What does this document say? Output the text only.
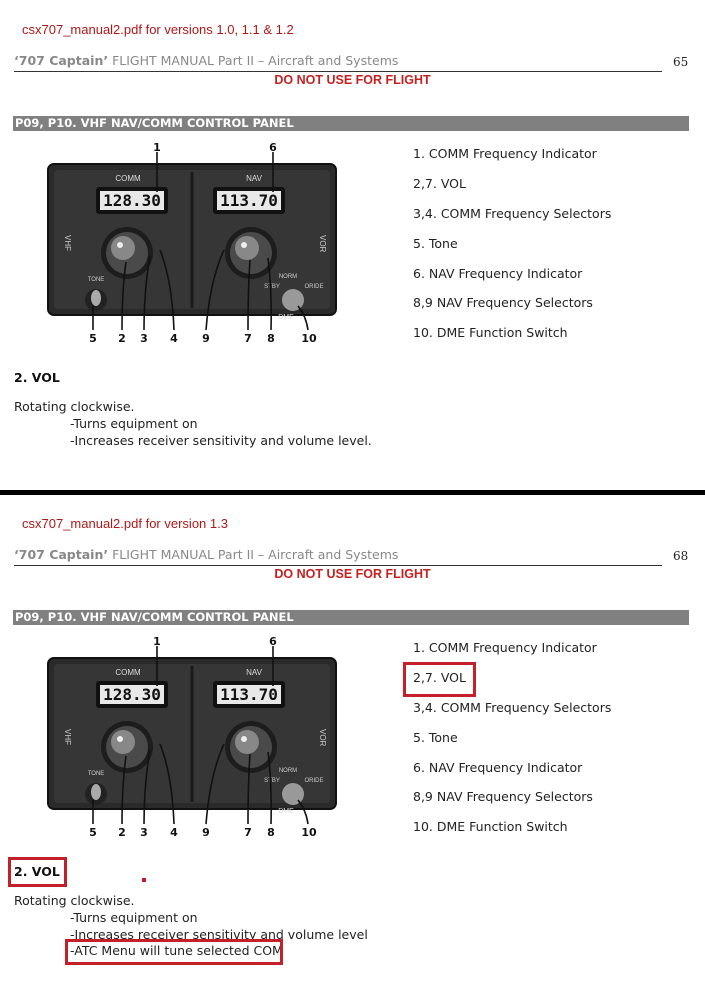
csx707_manual2.pdf for versions 1.0, 1.1 & 1.2
‘707 Captain’ FLIGHT MANUAL Part II – Aircraft and Systems	65
DO NOT USE FOR FLIGHT
P09, P10. VHF NAV/COMM CONTROL PANEL
COMM	NAV
128.30	113.70
VHF	VOR
TONE	NORM
STBY	ORIDE
DME
1	6
5 2 3 4 9	7 8 10
1. COMM Frequency Indicator
2,7. VOL
3,4. COMM Frequency Selectors
5. Tone
6. NAV Frequency Indicator
8,9 NAV Frequency Selectors
10. DME Function Switch
2. VOL
Rotating clockwise.
-Turns equipment on
-Increases receiver sensitivity and volume level.
csx707_manual2.pdf for version 1.3
‘707 Captain’ FLIGHT MANUAL Part II – Aircraft and Systems	68
DO NOT USE FOR FLIGHT
P09, P10. VHF NAV/COMM CONTROL PANEL
COMM	NAV
128.30	113.70
VHF	VOR
TONE	NORM
STBY	ORIDE
DME
1	6
5 2 3 4 9	7 8 10
1. COMM Frequency Indicator
2,7. VOL
3,4. COMM Frequency Selectors
5. Tone
6. NAV Frequency Indicator
8,9 NAV Frequency Selectors
10. DME Function Switch
2. VOL
Rotating clockwise.
-Turns equipment on
-Increases receiver sensitivity and volume level
-ATC Menu will tune selected COM
